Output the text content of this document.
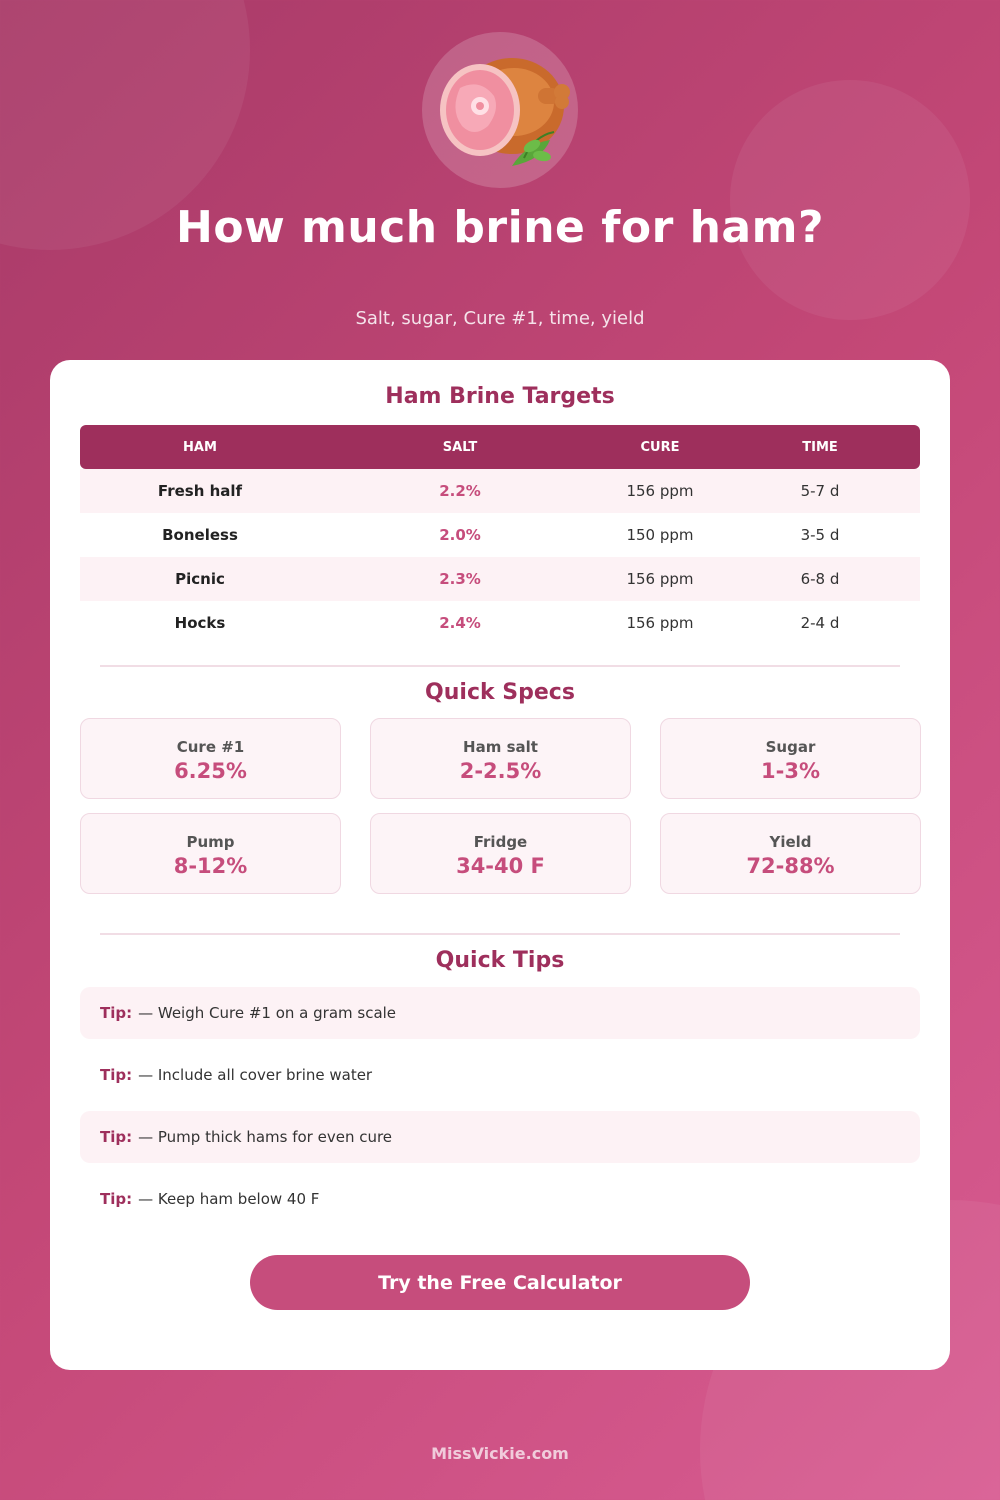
How much brine for ham?
Salt, sugar, Cure #1, time, yield
Ham Brine Targets
HAM	SALT	CURE	TIME
Fresh half	2.2%	156 ppm	5-7 d
Boneless	2.0%	150 ppm	3-5 d
Picnic	2.3%	156 ppm	6-8 d
Hocks	2.4%	156 ppm	2-4 d
Quick Specs
Cure #1
6.25%
Ham salt
2-2.5%
Sugar
1-3%
Pump
8-12%
Fridge
34-40 F
Yield
72-88%
Quick Tips
Tip: — Weigh Cure #1 on a gram scale
Tip: — Include all cover brine water
Tip: — Pump thick hams for even cure
Tip: — Keep ham below 40 F
Try the Free Calculator
MissVickie.com
